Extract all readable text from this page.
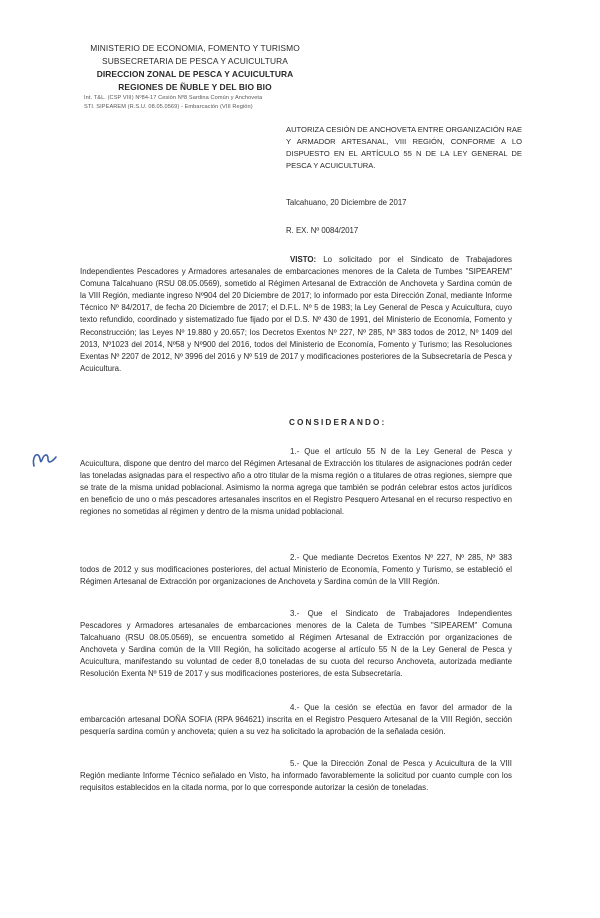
MINISTERIO DE ECONOMIA, FOMENTO Y TURISMO
SUBSECRETARIA DE PESCA Y ACUICULTURA
DIRECCION ZONAL DE PESCA Y ACUICULTURA
REGIONES DE ÑUBLE Y DEL BIO BIO
Int. T&L. (CSP VIII) Nº84-17 Cesión Nº8 Sardina Común y Anchoveta
STI. SIPEAREM (R.S.U. 08.05.0569) - Embarcación (VIII Región)
AUTORIZA CESIÓN DE ANCHOVETA ENTRE ORGANIZACIÓN RAE Y ARMADOR ARTESANAL, VIII REGIÓN, CONFORME A LO DISPUESTO EN EL ARTÍCULO 55 N DE LA LEY GENERAL DE PESCA Y ACUICULTURA.
Talcahuano, 20 Diciembre de 2017
R. EX. Nº 0084/2017
VISTO: Lo solicitado por el Sindicato de Trabajadores Independientes Pescadores y Armadores artesanales de embarcaciones menores de la Caleta de Tumbes "SIPEAREM" Comuna Talcahuano (RSU 08.05.0569), sometido al Régimen Artesanal de Extracción de Anchoveta y Sardina común de la VIII Región, mediante ingreso Nº904 del 20 Diciembre de 2017; lo informado por esta Dirección Zonal, mediante Informe Técnico Nº 84/2017, de fecha 20 Diciembre de 2017; el D.F.L. Nº 5 de 1983; la Ley General de Pesca y Acuicultura, cuyo texto refundido, coordinado y sistematizado fue fijado por el D.S. Nº 430 de 1991, del Ministerio de Economía, Fomento y Reconstrucción; las Leyes Nº 19.880 y 20.657; los Decretos Exentos Nº 227, Nº 285, Nº 383 todos de 2012, Nº 1409 del 2013, Nº1023 del 2014, Nº58 y Nº900 del 2016, todos del Ministerio de Economía, Fomento y Turismo; las Resoluciones Exentas Nº 2207 de 2012, Nº 3996 del 2016 y Nº 519 de 2017 y modificaciones posteriores de la Subsecretaría de Pesca y Acuicultura.
CONSIDERANDO:
1.- Que el artículo 55 N de la Ley General de Pesca y Acuicultura, dispone que dentro del marco del Régimen Artesanal de Extracción los titulares de asignaciones podrán ceder las toneladas asignadas para el respectivo año a otro titular de la misma región o a titulares de otras regiones, siempre que se trate de la misma unidad poblacional. Asimismo la norma agrega que también se podrán celebrar estos actos jurídicos en beneficio de uno o más pescadores artesanales inscritos en el Registro Pesquero Artesanal en el recurso respectivo en regiones no sometidas al régimen y dentro de la misma unidad poblacional.
2.- Que mediante Decretos Exentos Nº 227, Nº 285, Nº 383 todos de 2012 y sus modificaciones posteriores, del actual Ministerio de Economía, Fomento y Turismo, se estableció el Régimen Artesanal de Extracción por organizaciones de Anchoveta y Sardina común de la VIII Región.
3.- Que el Sindicato de Trabajadores Independientes Pescadores y Armadores artesanales de embarcaciones menores de la Caleta de Tumbes "SIPEAREM" Comuna Talcahuano (RSU 08.05.0569), se encuentra sometido al Régimen Artesanal de Extracción por organizaciones de Anchoveta y Sardina común de la VIII Región, ha solicitado acogerse al artículo 55 N de la Ley General de Pesca y Acuicultura, manifestando su voluntad de ceder 8,0 toneladas de su cuota del recurso Anchoveta, autorizada mediante Resolución Exenta Nº 519 de 2017 y sus modificaciones posteriores, de esta Subsecretaría.
4.- Que la cesión se efectúa en favor del armador de la embarcación artesanal DOÑA SOFIA (RPA 964621) inscrita en el Registro Pesquero Artesanal de la VIII Región, sección pesquería sardina común y anchoveta; quien a su vez ha solicitado la aprobación de la señalada cesión.
5.- Que la Dirección Zonal de Pesca y Acuicultura de la VIII Región mediante Informe Técnico señalado en Visto, ha informado favorablemente la solicitud por cuanto cumple con los requisitos establecidos en la citada norma, por lo que corresponde autorizar la cesión de toneladas.
